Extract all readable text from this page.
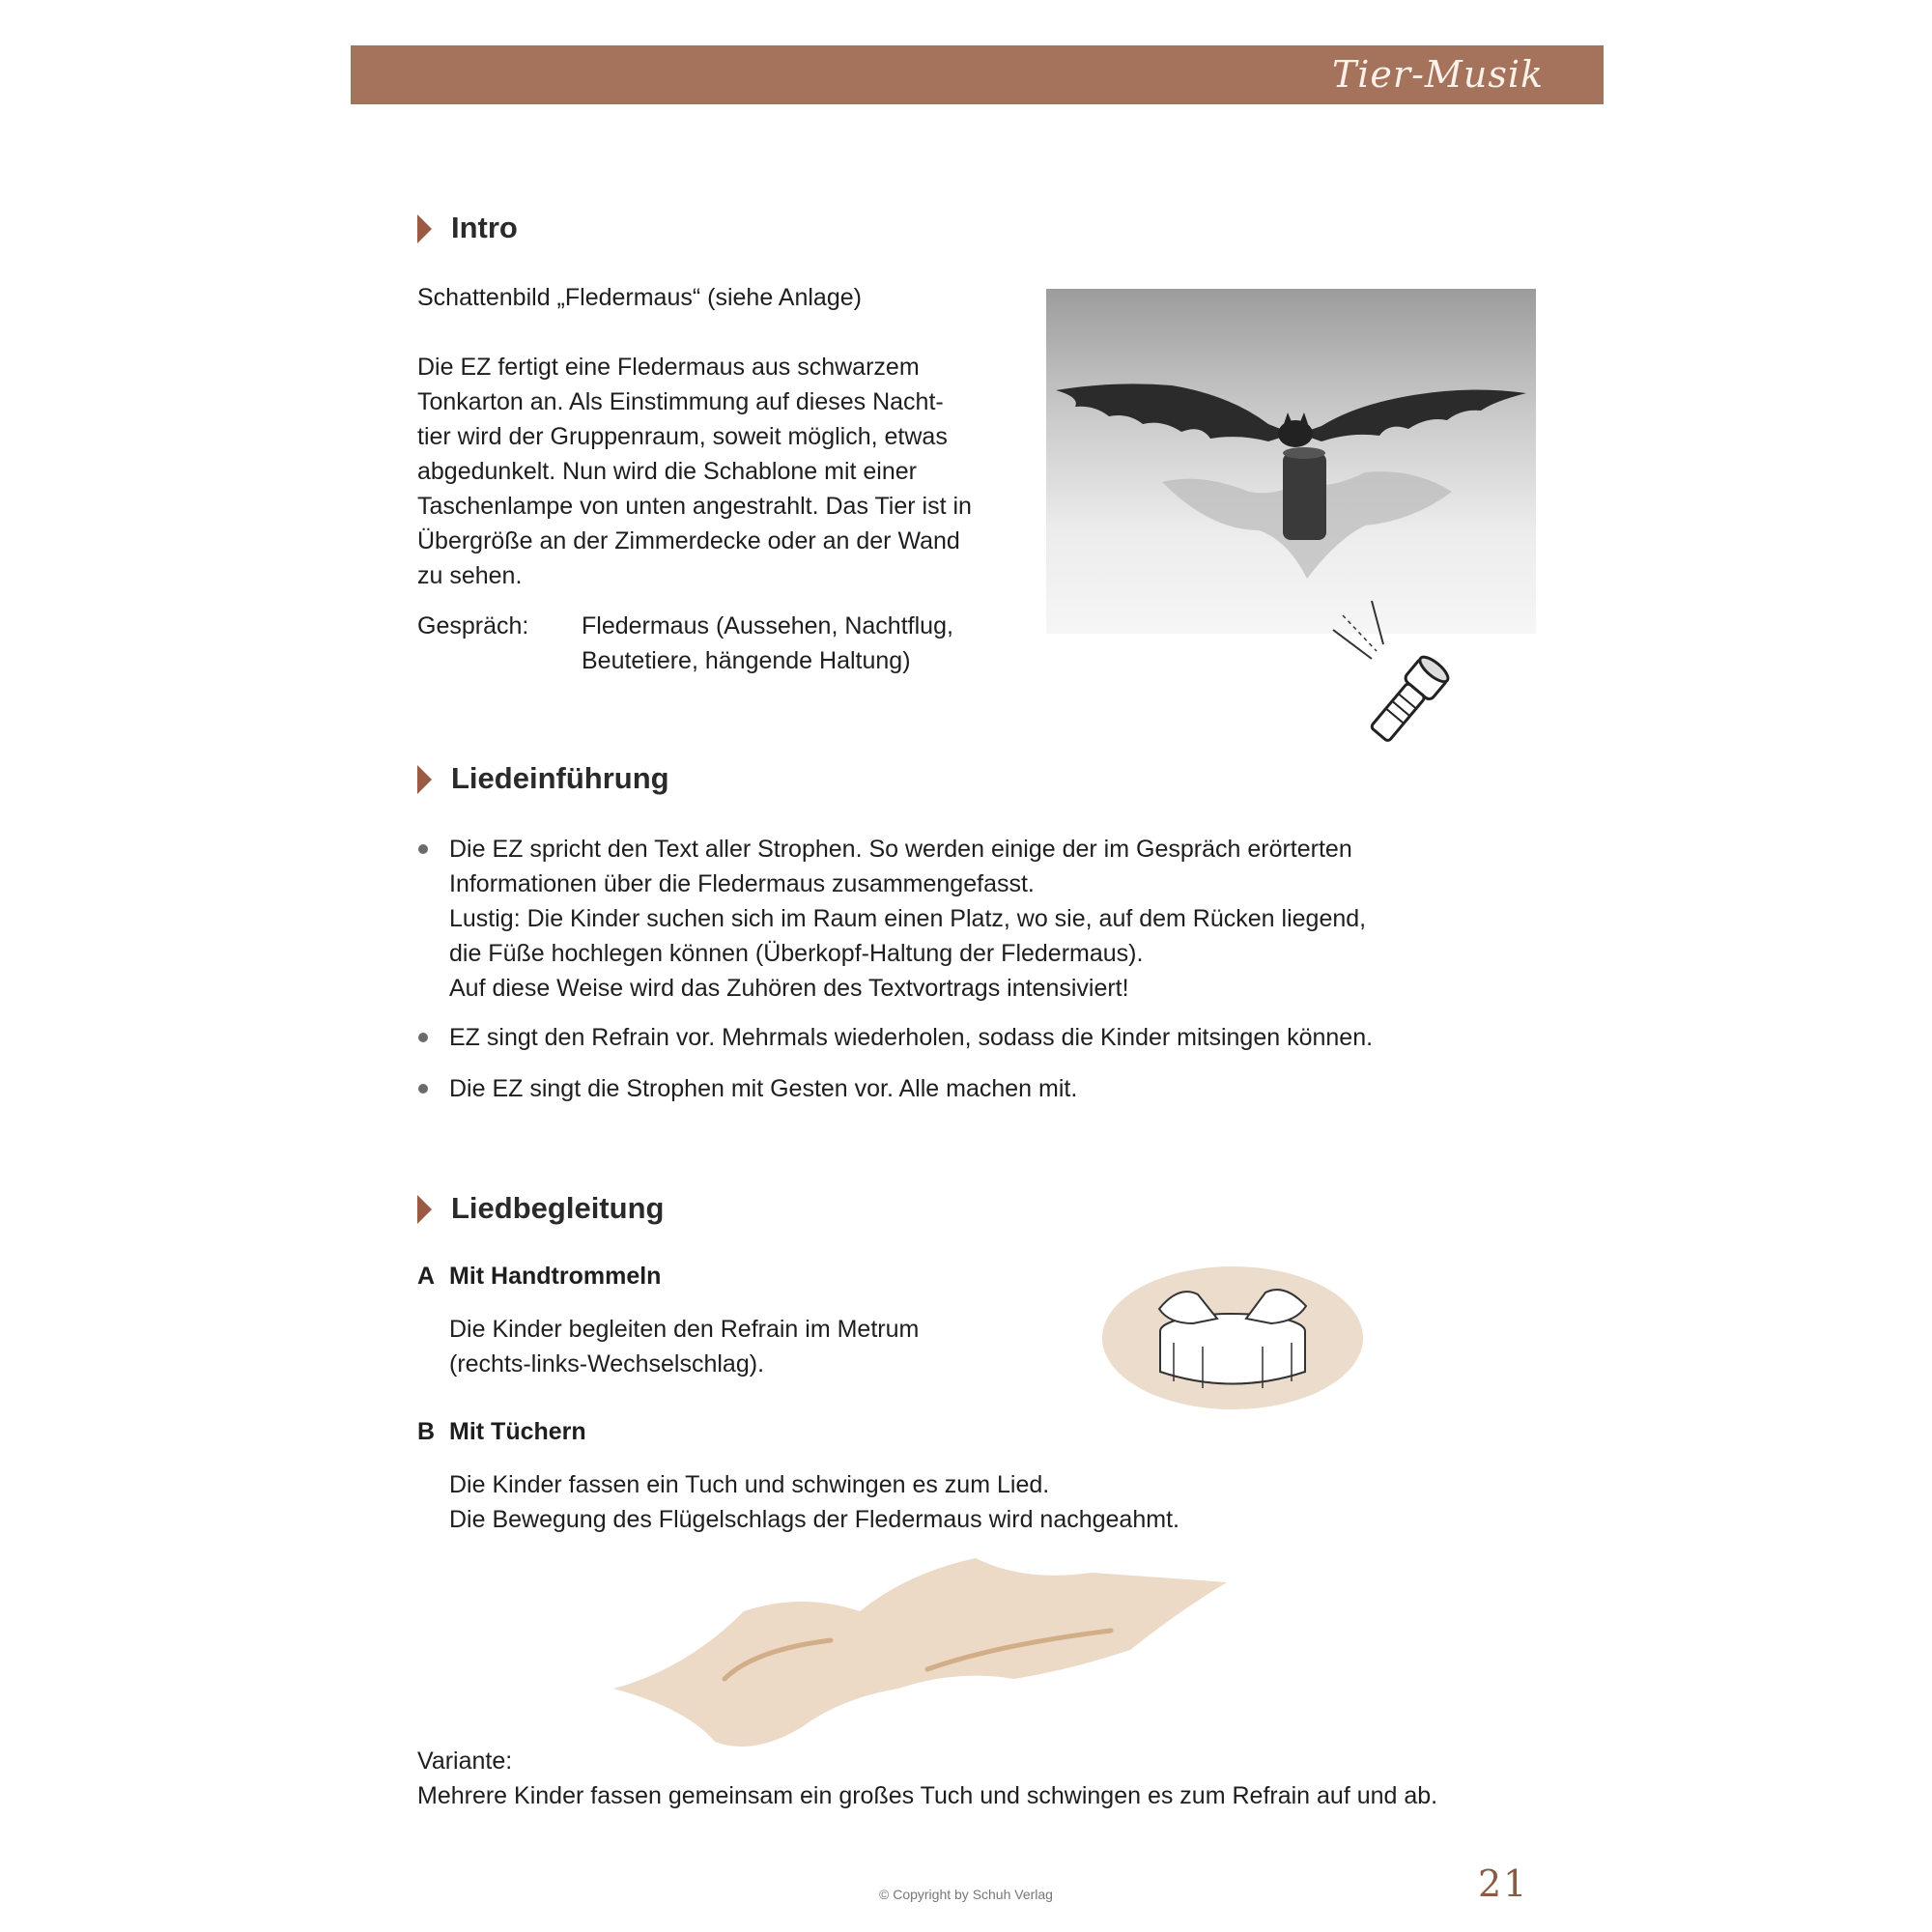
Tier-Musik
Intro
Schattenbild „Fledermaus“ (siehe Anlage)
Die EZ fertigt eine Fledermaus aus schwarzem
Tonkarton an. Als Einstimmung auf dieses Nacht-
tier wird der Gruppenraum, soweit möglich, etwas
abgedunkelt. Nun wird die Schablone mit einer
Taschenlampe von unten angestrahlt. Das Tier ist in
Übergröße an der Zimmerdecke oder an der Wand
zu sehen.
Gespräch: Fledermaus (Aussehen, Nachtflug,
Beutetiere, hängende Haltung)
Liedeinführung
Die EZ spricht den Text aller Strophen. So werden einige der im Gespräch erörterten
Informationen über die Fledermaus zusammengefasst.
Lustig: Die Kinder suchen sich im Raum einen Platz, wo sie, auf dem Rücken liegend,
die Füße hochlegen können (Überkopf-Haltung der Fledermaus).
Auf diese Weise wird das Zuhören des Textvortrags intensiviert!
EZ singt den Refrain vor. Mehrmals wiederholen, sodass die Kinder mitsingen können.
Die EZ singt die Strophen mit Gesten vor. Alle machen mit.
Liedbegleitung
A Mit Handtrommeln
Die Kinder begleiten den Refrain im Metrum
(rechts-links-Wechselschlag).
B Mit Tüchern
Die Kinder fassen ein Tuch und schwingen es zum Lied.
Die Bewegung des Flügelschlags der Fledermaus wird nachgeahmt.
Variante:
Mehrere Kinder fassen gemeinsam ein großes Tuch und schwingen es zum Refrain auf und ab.
© Copyright by Schuh Verlag	21
